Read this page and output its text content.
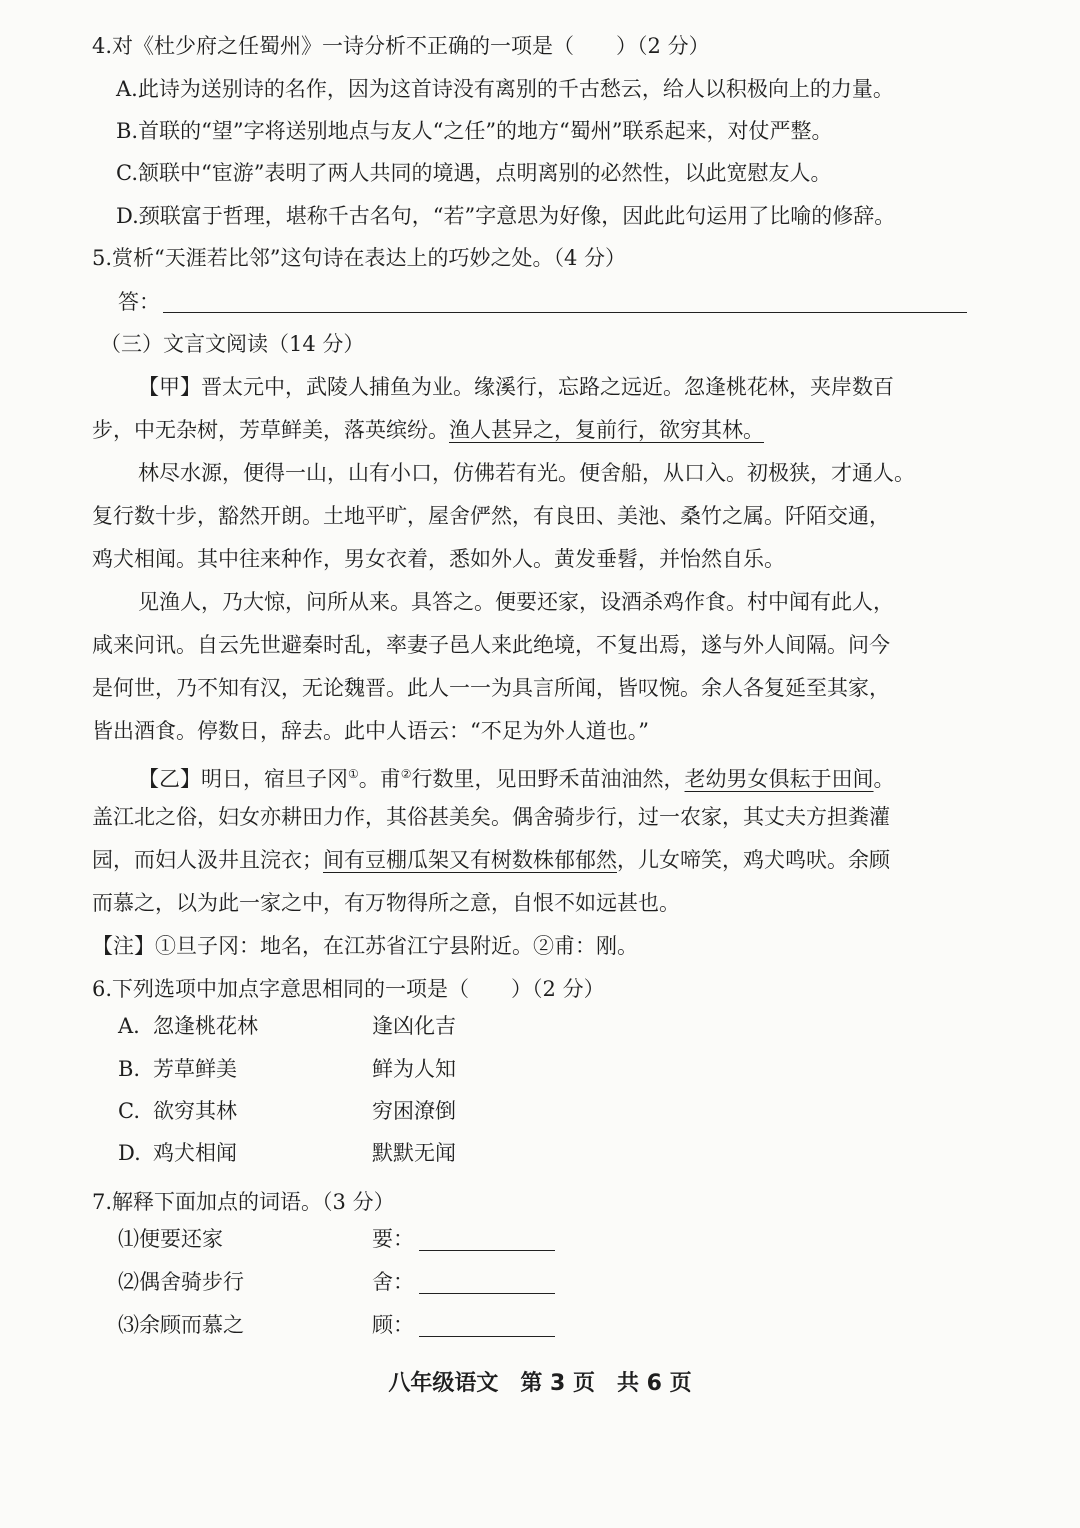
4.对《杜少府之任蜀州》一诗分析不正确的一项是（　　）（2 分）
A.此诗为送别诗的名作，因为这首诗没有离别的千古愁云，给人以积极向上的力量。
B.首联的“望”字将送别地点与友人“之任”的地方“蜀州”联系起来，对仗严整。
C.颔联中“宦游”表明了两人共同的境遇，点明离别的必然性，以此宽慰友人。
D.颈联富于哲理，堪称千古名句，“若”字意思为好像，因此此句运用了比喻的修辞。
5.赏析“天涯若比邻”这句诗在表达上的巧妙之处。（4 分）
答：
（三）文言文阅读（14 分）
【甲】晋太元中，武陵人捕鱼为业。缘溪行，忘路之远近。忽逢桃花林，夹岸数百
步，中无杂树，芳草鲜美，落英缤纷。渔人甚异之，复前行，欲穷其林。
林尽水源，便得一山，山有小口，仿佛若有光。便舍船，从口入。初极狭，才通人。
复行数十步，豁然开朗。土地平旷，屋舍俨然，有良田、美池、桑竹之属。阡陌交通，
鸡犬相闻。其中往来种作，男女衣着，悉如外人。黄发垂髫，并怡然自乐。
见渔人，乃大惊，问所从来。具答之。便要还家，设酒杀鸡作食。村中闻有此人，
咸来问讯。自云先世避秦时乱，率妻子邑人来此绝境，不复出焉，遂与外人间隔。问今
是何世，乃不知有汉，无论魏晋。此人一一为具言所闻，皆叹惋。余人各复延至其家，
皆出酒食。停数日，辞去。此中人语云：“不足为外人道也。”
【乙】明日，宿旦子冈①。甫②行数里，见田野禾苗油油然，老幼男女俱耘于田间。
盖江北之俗，妇女亦耕田力作，其俗甚美矣。偶舍骑步行，过一农家，其丈夫方担粪灌
园，而妇人汲井且浣衣；间有豆棚瓜架又有树数株郁郁然，儿女啼笑，鸡犬鸣吠。余顾
而慕之，以为此一家之中，有万物得所之意，自恨不如远甚也。
【注】①旦子冈：地名，在江苏省江宁县附近。②甫：刚。
6.下列选项中加点字意思相同的一项是（　　）（2 分）
A. 忽逢桃花林	逢凶化吉
B. 芳草鲜美	鲜为人知
C. 欲穷其林	穷困潦倒
D. 鸡犬相闻	默默无闻
7.解释下面加点的词语。（3 分）
⑴便要还家	要：
⑵偶舍骑步行	舍：
⑶余顾而慕之	顾：
八年级语文　第 3 页　共 6 页
